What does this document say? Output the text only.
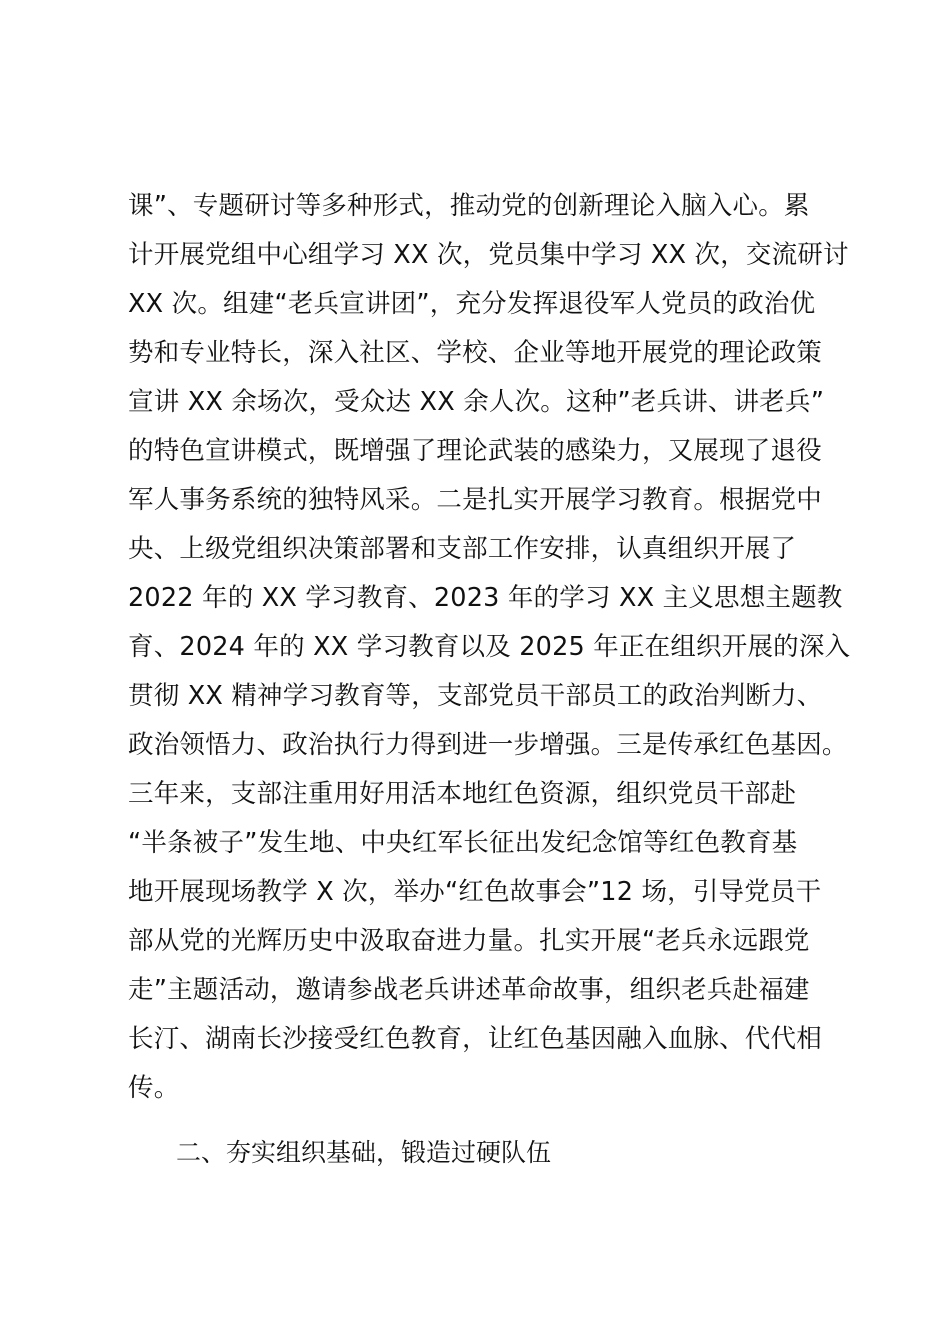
课”、专题研讨等多种形式，推动党的创新理论入脑入心。累
计开展党组中心组学习 XX 次，党员集中学习 XX 次，交流研讨
XX 次。组建“老兵宣讲团”，充分发挥退役军人党员的政治优
势和专业特长，深入社区、学校、企业等地开展党的理论政策
宣讲 XX 余场次，受众达 XX 余人次。这种”老兵讲、讲老兵”
的特色宣讲模式，既增强了理论武装的感染力，又展现了退役
军人事务系统的独特风采。二是扎实开展学习教育。根据党中
央、上级党组织决策部署和支部工作安排，认真组织开展了
2022 年的 XX 学习教育、2023 年的学习 XX 主义思想主题教
育、2024 年的 XX 学习教育以及 2025 年正在组织开展的深入
贯彻 XX 精神学习教育等，支部党员干部员工的政治判断力、
政治领悟力、政治执行力得到进一步增强。三是传承红色基因。
三年来，支部注重用好用活本地红色资源，组织党员干部赴
“半条被子”发生地、中央红军长征出发纪念馆等红色教育基
地开展现场教学 X 次，举办“红色故事会”12 场，引导党员干
部从党的光辉历史中汲取奋进力量。扎实开展“老兵永远跟党
走”主题活动，邀请参战老兵讲述革命故事，组织老兵赴福建
长汀、湖南长沙接受红色教育，让红色基因融入血脉、代代相
传。
二、夯实组织基础，锻造过硬队伍
